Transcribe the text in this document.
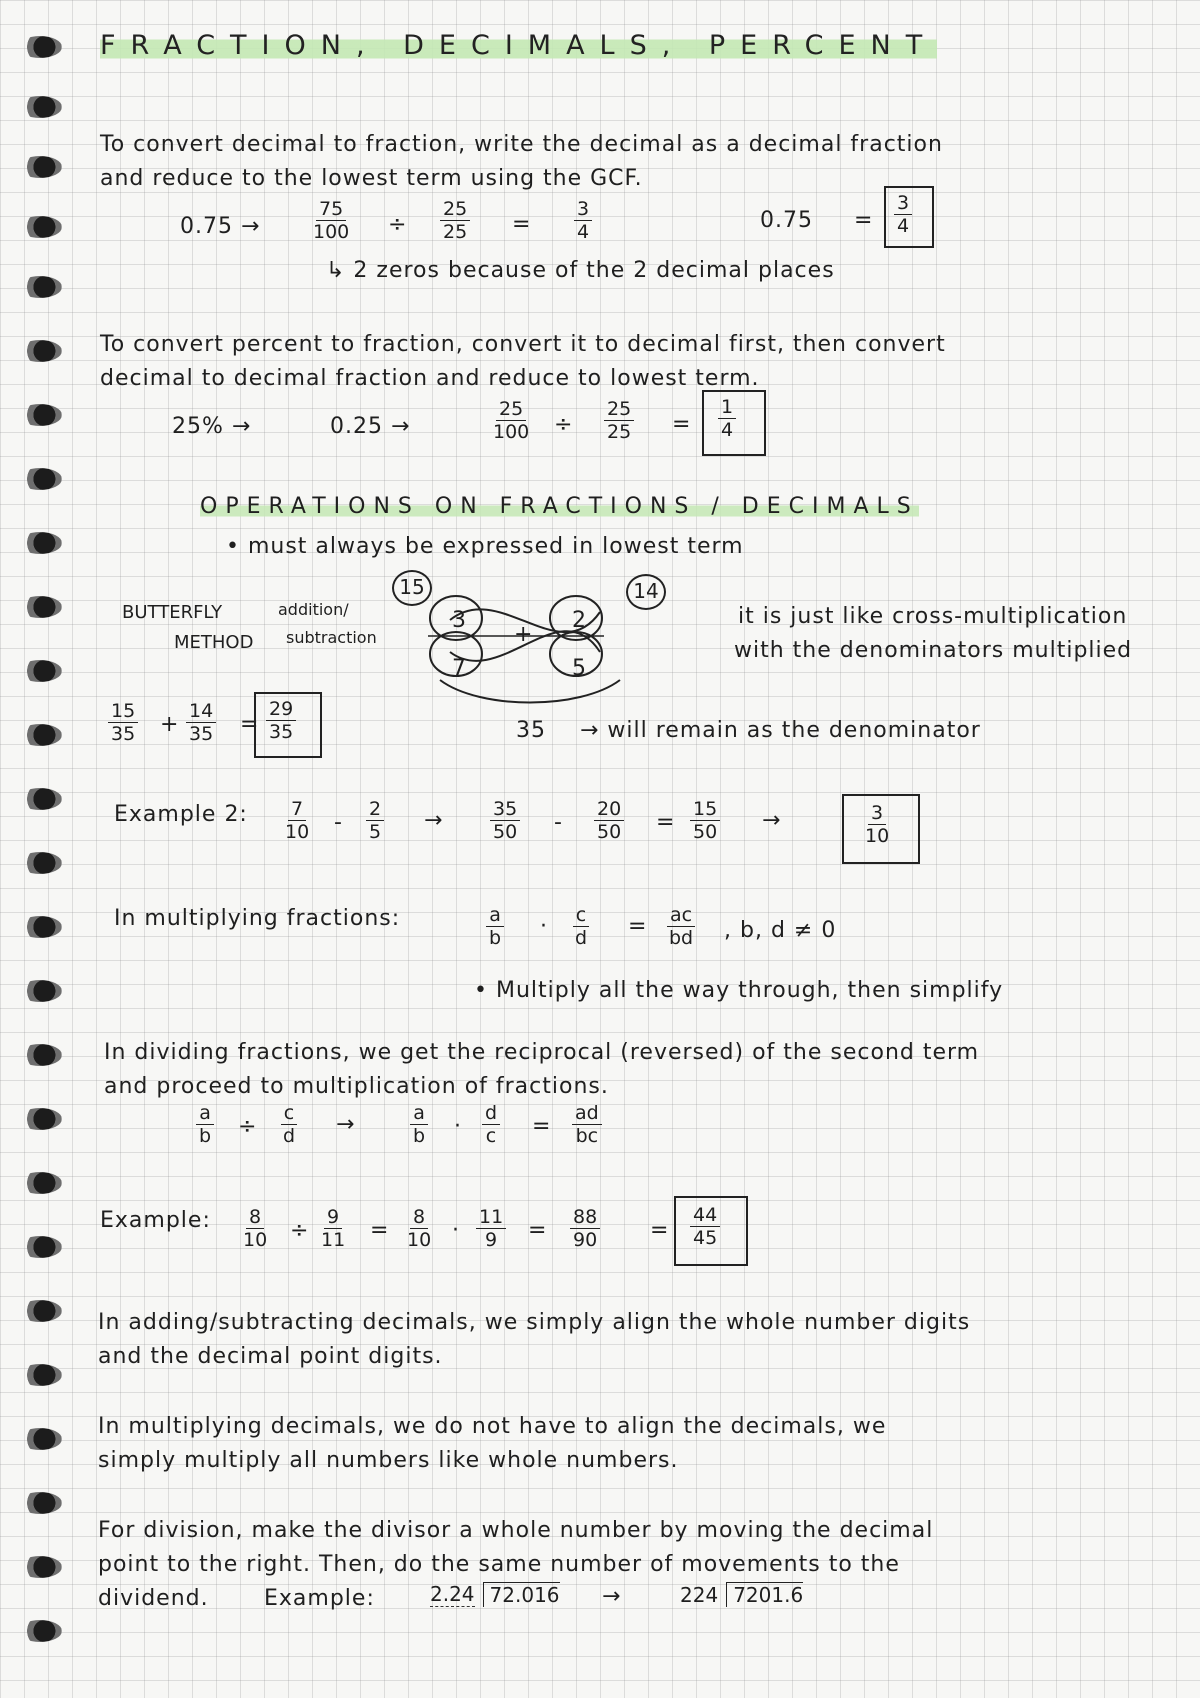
FRACTION, DECIMALS, PERCENT
To convert decimal to fraction, write the decimal as a decimal fraction
and reduce to the lowest term using the GCF.
0.75 →	$\frac{75}{100} \div \frac{25}{25} = \frac{3}{4}$	$0.75 = \frac{3}{4}$
↳ 2 zeros because of the 2 decimal places
To convert percent to fraction, convert it to decimal first, then convert
decimal to decimal fraction and reduce to lowest term.
25% →	0.25 →	$\frac{25}{100} \div \frac{25}{25} = \frac{1}{4}$
OPERATIONS ON FRACTIONS / DECIMALS
• must always be expressed in lowest term
BUTTERFLY
METHOD
addition/
subtraction
15	14
3	2
7	5
+
35 → will remain as the denominator
it is just like cross-multiplication
with the denominators multiplied
$\frac{15}{35} + \frac{14}{35} = \frac{29}{35}$
Example 2: $\frac{7}{10} - \frac{2}{5}$ →	$\frac{35}{50} - \frac{20}{50} = \frac{15}{50}$ →	$\frac{3}{10}$
In multiplying fractions:	$\frac{a}{b} \cdot \frac{c}{d} = \frac{ac}{bd}$ , b, d ≠ 0
• Multiply all the way through, then simplify
In dividing fractions, we get the reciprocal (reversed) of the second term
and proceed to multiplication of fractions.
$\frac{a}{b} \div \frac{c}{d}$ →	$\frac{a}{b} \cdot \frac{d}{c} = \frac{ad}{bc}$
Example: $\frac{8}{10} \div \frac{9}{11} = \frac{8}{10} \cdot \frac{11}{9} = \frac{88}{90} = \frac{44}{45}$
In adding/subtracting decimals, we simply align the whole number digits
and the decimal point digits.
In multiplying decimals, we do not have to align the decimals, we
simply multiply all numbers like whole numbers.
For division, make the divisor a whole number by moving the decimal
point to the right. Then, do the same number of movements to the
dividend.	Example:	2.24 72.016 →	224 7201.6
